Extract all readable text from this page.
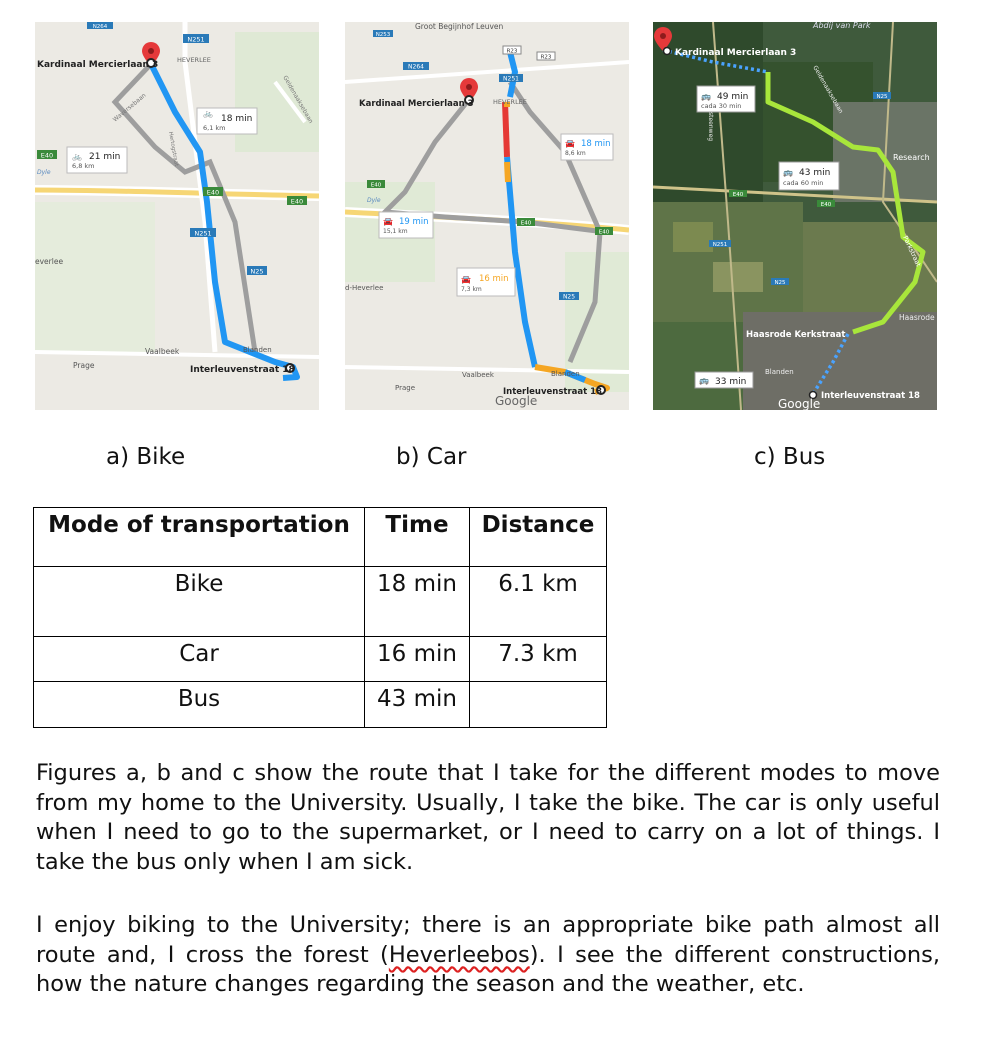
N251
N251
N25
N264
E40
E40
E40
Kardinaal Mercierlaan 3	HEVERLEE
Interleuvenstraat 18
Vaalbeek
Prage
Blanden
everlee
Dyle
Waversebaan	Geldenaaksebaan
Hertogstraat
🚲
18 min
6,1 km
🚲 21 min
6,8 km
N253
R23
R23
N264
N251
N25
E40
E40
E40
Groot Begijnhof Leuven
Kardinaal Mercierlaan 3	HEVERLEE
Interleuvenstraat 18
Vaalbeek
Prage
Blanden
d-Heverlee
Dyle
Google
🚘 18 min
8,6 km
🚘 19 min
15,1 km
🚘 16 min
7,3 km
Abdij van Park
Kardinaal Mercierlaan 3
Haasrode Kerkstraat
Interleuvenstraat 18
Research
Haasrode
Blanden
Google
Geldenaaksebaan
Parkstraat
steenweg
E40
E40
N251
N25
N25
🚌 49 min
cada 30 min
🚌 43 min
cada 60 min
🚌 33 min
a) Bike	b) Car	c) Bus
Mode of transportation	Time	Distance
Bike	18 min	6.1 km
Car	16 min	7.3 km
Bus	43 min	

Figures a, b and c show the route that I take for the different modes to move from my home to the University. Usually, I take the bike. The car is only useful when I need to go to the supermarket, or I need to carry on a lot of things. I take the bus only when I am sick.

I enjoy biking to the University; there is an appropriate bike path almost all route and, I cross the forest (Heverleebos). I see the different constructions, how the nature changes regarding the season and the weather, etc.
